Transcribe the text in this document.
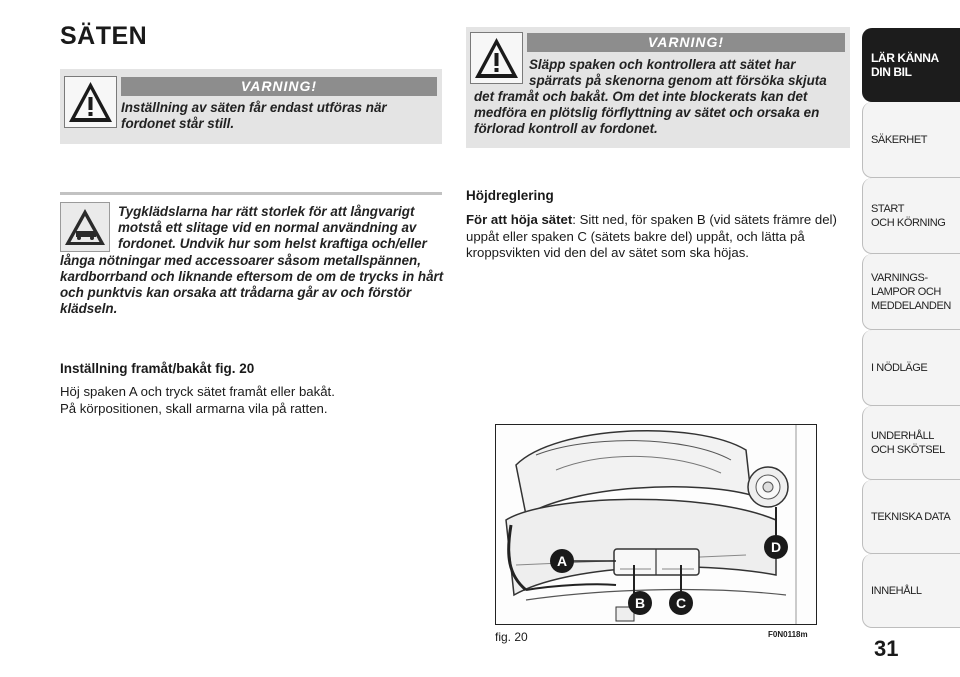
SÄTEN
VARNING!
Inställning av säten får endast utföras när fordonet står still.
VARNING!
Släpp spaken och kontrollera att sätet har spärrats på skenorna genom att försöka skjuta det framåt och bakåt. Om det inte blockerats kan det medföra en plötslig förflyttning av sätet och orsaka en förlorad kontroll av fordonet.
Tygklädslarna har rätt storlek för att långvarigt motstå ett slitage vid en normal användning av fordonet. Undvik hur som helst kraftiga och/eller långa nötningar med accessoarer såsom metallspännen, kardborrband och liknande eftersom de om de trycks in hårt och punktvis kan orsaka att trådarna går av och förstör klädseln.
Inställning framåt/bakåt fig. 20
Höj spaken A och tryck sätet framåt eller bakåt.
På körpositionen, skall armarna vila på ratten.
Höjdreglering
För att höja sätet: Sitt ned, för spaken B (vid sätets främre del) uppåt eller spaken C (sätets bakre del) uppåt, och lätta på kroppsvikten vid den del av sätet som ska höjas.
A
B	C
D
fig. 20	F0N0118m
31
LÄR KÄNNA
DIN BIL
SÄKERHET
START
OCH KÖRNING
VARNINGS-
LAMPOR OCH
MEDDELANDEN
I NÖDLÄGE
UNDERHÅLL
OCH SKÖTSEL
TEKNISKA DATA
INNEHÅLL
